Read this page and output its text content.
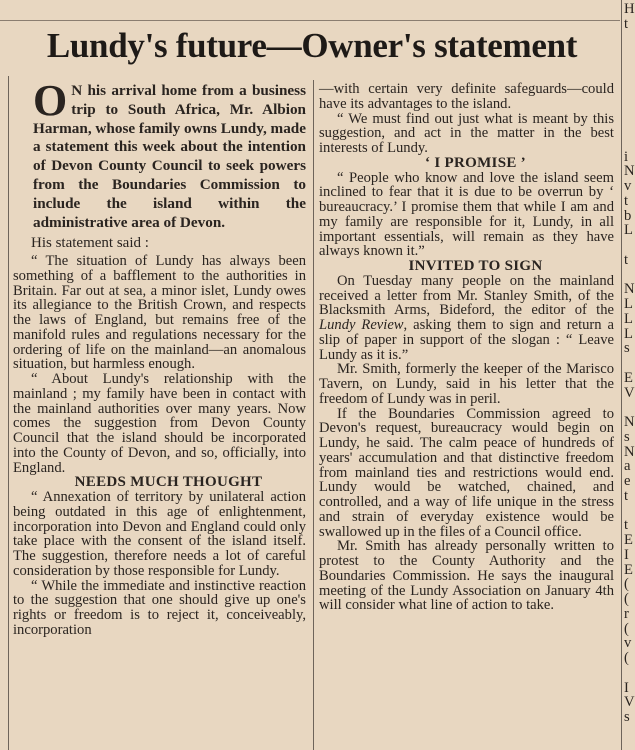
Lundy's future—Owner's statement

O N his arrival home from a business trip to South Africa, Mr. Albion Harman, whose family owns Lundy, made a statement this week about the intention of Devon County Council to seek powers from the Boundaries Commission to include the island within the administrative area of Devon.

His statement said :

“ The situation of Lundy has always been something of a bafflement to the authorities in Britain. Far out at sea, a minor islet, Lundy owes its allegiance to the British Crown, and respects the laws of England, but remains free of the manifold rules and regulations necessary for the ordering of life on the mainland—an anomalous situation, but harmless enough.

“ About Lundy's relationship with the mainland ; my family have been in contact with the mainland authorities over many years. Now comes the suggestion from Devon County Council that the island should be incorporated into the County of Devon, and so, officially, into England.

NEEDS MUCH THOUGHT

“ Annexation of territory by unilateral action being outdated in this age of enlightenment, incorporation into Devon and England could only take place with the consent of the island itself. The suggestion, therefore needs a lot of careful consideration by those responsible for Lundy.

“ While the immediate and instinctive reaction to the suggestion that one should give up one's rights or freedom is to reject it, conceiveably, incorporation

—with certain very definite safeguards—could have its advantages to the island.

“ We must find out just what is meant by this suggestion, and act in the matter in the best interests of Lundy.

‘ I PROMISE ’

“ People who know and love the island seem inclined to fear that it is due to be overrun by ‘ bureaucracy.’ I promise them that while I am and my family are responsible for it, Lundy, in all important essentials, will remain as they have always known it.”

INVITED TO SIGN

On Tuesday many people on the mainland received a letter from Mr. Stanley Smith, of the Blacksmith Arms, Bideford, the editor of the Lundy Review, asking them to sign and return a slip of paper in support of the slogan : “ Leave Lundy as it is.”

Mr. Smith, formerly the keeper of the Marisco Tavern, on Lundy, said in his letter that the freedom of Lundy was in peril.

If the Boundaries Commission agreed to Devon's request, bureaucracy would begin on Lundy, he said. The calm peace of hundreds of years' accumulation and that distinctive freedom from mainland ties and restrictions would end. Lundy would be watched, chained, and controlled, and a way of life unique in the stress and strain of everyday existence would be swallowed up in the files of a Council office.

Mr. Smith has already personally written to protest to the County Authority and the Boundaries Commission. He says the inaugural meeting of the Lundy Association on January 4th will consider what line of action to take.

H
t

i
N
v
t
b
L

t

N
L
L
L
s

E
V

N
s
N
a
e
t

t
E
I
E
(
(
r
(
v
(

I
V
s
